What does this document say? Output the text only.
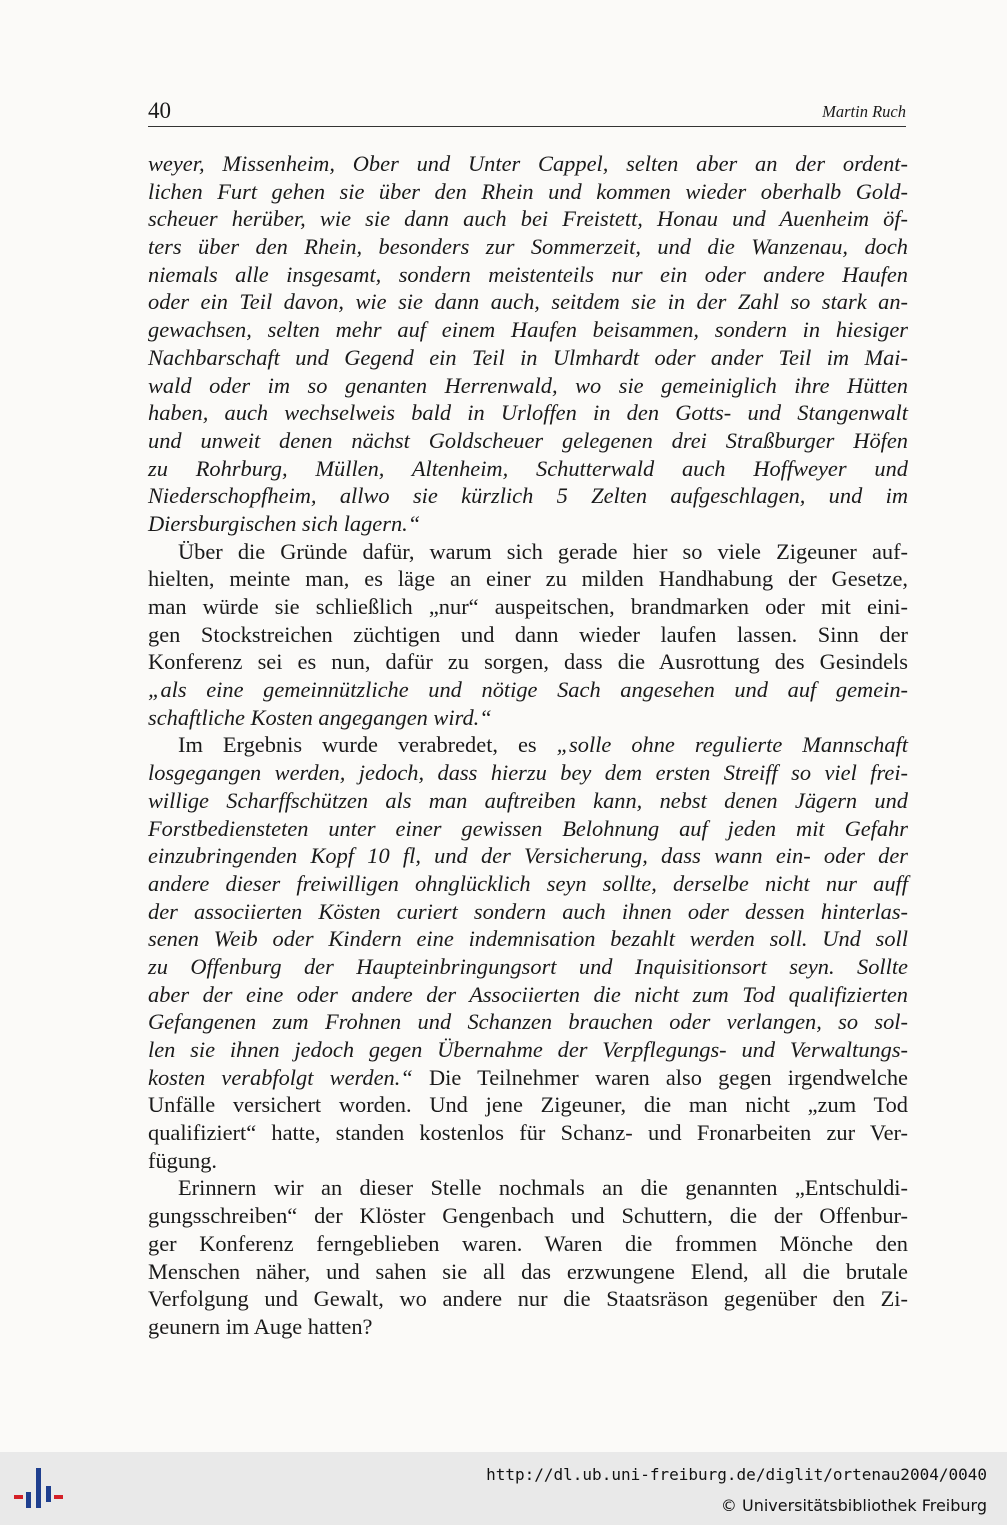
40	Martin Ruch
weyer, Missenheim, Ober und Unter Cappel, selten aber an der ordent-
lichen Furt gehen sie über den Rhein und kommen wieder oberhalb Gold-
scheuer herüber, wie sie dann auch bei Freistett, Honau und Auenheim öf-
ters über den Rhein, besonders zur Sommerzeit, und die Wanzenau, doch
niemals alle insgesamt, sondern meistenteils nur ein oder andere Haufen
oder ein Teil davon, wie sie dann auch, seitdem sie in der Zahl so stark an-
gewachsen, selten mehr auf einem Haufen beisammen, sondern in hiesiger
Nachbarschaft und Gegend ein Teil in Ulmhardt oder ander Teil im Mai-
wald oder im so genanten Herrenwald, wo sie gemeiniglich ihre Hütten
haben, auch wechselweis bald in Urloffen in den Gotts- und Stangenwalt
und unweit denen nächst Goldscheuer gelegenen drei Straßburger Höfen
zu Rohrburg, Müllen, Altenheim, Schutterwald auch Hoffweyer und
Niederschopfheim, allwo sie kürzlich 5 Zelten aufgeschlagen, und im
Diersburgischen sich lagern.“
Über die Gründe dafür, warum sich gerade hier so viele Zigeuner auf-
hielten, meinte man, es läge an einer zu milden Handhabung der Gesetze,
man würde sie schließlich „nur“ auspeitschen, brandmarken oder mit eini-
gen Stockstreichen züchtigen und dann wieder laufen lassen. Sinn der
Konferenz sei es nun, dafür zu sorgen, dass die Ausrottung des Gesindels
„als eine gemeinnützliche und nötige Sach angesehen und auf gemein-
schaftliche Kosten angegangen wird.“
Im Ergebnis wurde verabredet, es „solle ohne regulierte Mannschaft
losgegangen werden, jedoch, dass hierzu bey dem ersten Streiff so viel frei-
willige Scharffschützen als man auftreiben kann, nebst denen Jägern und
Forstbediensteten unter einer gewissen Belohnung auf jeden mit Gefahr
einzubringenden Kopf 10 fl, und der Versicherung, dass wann ein- oder der
andere dieser freiwilligen ohnglücklich seyn sollte, derselbe nicht nur auff
der associierten Kösten curiert sondern auch ihnen oder dessen hinterlas-
senen Weib oder Kindern eine indemnisation bezahlt werden soll. Und soll
zu Offenburg der Haupteinbringungsort und Inquisitionsort seyn. Sollte
aber der eine oder andere der Associierten die nicht zum Tod qualifizierten
Gefangenen zum Frohnen und Schanzen brauchen oder verlangen, so sol-
len sie ihnen jedoch gegen Übernahme der Verpflegungs- und Verwaltungs-
kosten verabfolgt werden.“ Die Teilnehmer waren also gegen irgendwelche
Unfälle versichert worden. Und jene Zigeuner, die man nicht „zum Tod
qualifiziert“ hatte, standen kostenlos für Schanz- und Fronarbeiten zur Ver-
fügung.
Erinnern wir an dieser Stelle nochmals an die genannten „Entschuldi-
gungsschreiben“ der Klöster Gengenbach und Schuttern, die der Offenbur-
ger Konferenz ferngeblieben waren. Waren die frommen Mönche den
Menschen näher, und sahen sie all das erzwungene Elend, all die brutale
Verfolgung und Gewalt, wo andere nur die Staatsräson gegenüber den Zi-
geunern im Auge hatten?
http://dl.ub.uni-freiburg.de/diglit/ortenau2004/0040
© Universitätsbibliothek Freiburg
